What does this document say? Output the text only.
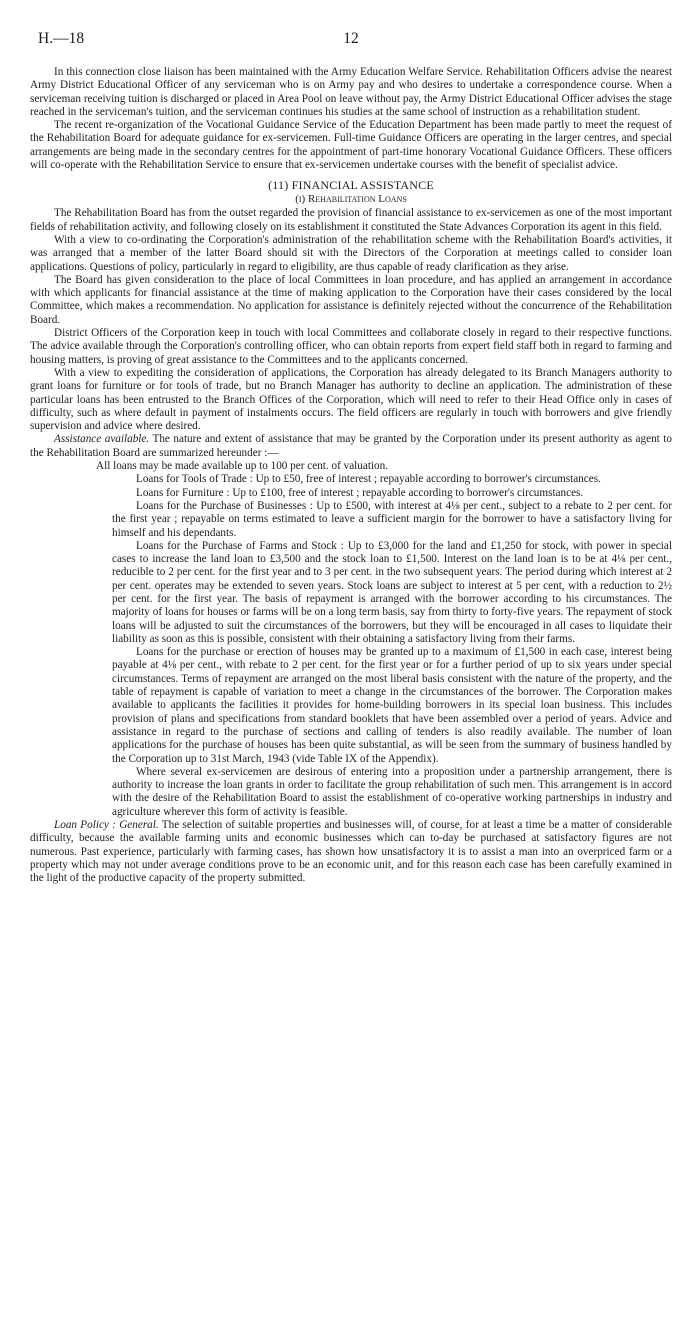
H.—18	12

In this connection close liaison has been maintained with the Army Education Welfare Service. Rehabilitation Officers advise the nearest Army District Educational Officer of any serviceman who is on Army pay and who desires to undertake a correspondence course. When a serviceman receiving tuition is discharged or placed in Area Pool on leave without pay, the Army District Educational Officer advises the stage reached in the serviceman's tuition, and the serviceman continues his studies at the same school of instruction as a rehabilitation student.

The recent re-organization of the Vocational Guidance Service of the Education Department has been made partly to meet the request of the Rehabilitation Board for adequate guidance for ex-servicemen. Full-time Guidance Officers are operating in the larger centres, and special arrangements are being made in the secondary centres for the appointment of part-time honorary Vocational Guidance Officers. These officers will co-operate with the Rehabilitation Service to ensure that ex-servicemen undertake courses with the benefit of specialist advice.

(11) FINANCIAL ASSISTANCE
(i) Rehabilitation Loans

The Rehabilitation Board has from the outset regarded the provision of financial assistance to ex-servicemen as one of the most important fields of rehabilitation activity, and following closely on its establishment it constituted the State Advances Corporation its agent in this field.

With a view to co-ordinating the Corporation's administration of the rehabilitation scheme with the Rehabilitation Board's activities, it was arranged that a member of the latter Board should sit with the Directors of the Corporation at meetings called to consider loan applications. Questions of policy, particularly in regard to eligibility, are thus capable of ready clarification as they arise.

The Board has given consideration to the place of local Committees in loan procedure, and has applied an arrangement in accordance with which applicants for financial assistance at the time of making application to the Corporation have their cases considered by the local Committee, which makes a recommendation. No application for assistance is definitely rejected without the concurrence of the Rehabilitation Board.

District Officers of the Corporation keep in touch with local Committees and collaborate closely in regard to their respective functions. The advice available through the Corporation's controlling officer, who can obtain reports from expert field staff both in regard to farming and housing matters, is proving of great assistance to the Committees and to the applicants concerned.

With a view to expediting the consideration of applications, the Corporation has already delegated to its Branch Managers authority to grant loans for furniture or for tools of trade, but no Branch Manager has authority to decline an application. The administration of these particular loans has been entrusted to the Branch Offices of the Corporation, which will need to refer to their Head Office only in cases of difficulty, such as where default in payment of instalments occurs. The field officers are regularly in touch with borrowers and give friendly supervision and advice where desired.

Assistance available. The nature and extent of assistance that may be granted by the Corporation under its present authority as agent to the Rehabilitation Board are summarized hereunder :—

All loans may be made available up to 100 per cent. of valuation.

Loans for Tools of Trade : Up to £50, free of interest ; repayable according to borrower's circumstances.

Loans for Furniture : Up to £100, free of interest ; repayable according to borrower's circumstances.

Loans for the Purchase of Businesses : Up to £500, with interest at 4⅛ per cent., subject to a rebate to 2 per cent. for the first year ; repayable on terms estimated to leave a sufficient margin for the borrower to have a satisfactory living for himself and his dependants.

Loans for the Purchase of Farms and Stock : Up to £3,000 for the land and £1,250 for stock, with power in special cases to increase the land loan to £3,500 and the stock loan to £1,500. Interest on the land loan is to be at 4⅛ per cent., reducible to 2 per cent. for the first year and to 3 per cent. in the two subsequent years. The period during which interest at 2 per cent. operates may be extended to seven years. Stock loans are subject to interest at 5 per cent, with a reduction to 2½ per cent. for the first year. The basis of repayment is arranged with the borrower according to his circumstances. The majority of loans for houses or farms will be on a long term basis, say from thirty to forty-five years. The repayment of stock loans will be adjusted to suit the circumstances of the borrowers, but they will be encouraged in all cases to liquidate their liability as soon as this is possible, consistent with their obtaining a satisfactory living from their farms.

Loans for the purchase or erection of houses may be granted up to a maximum of £1,500 in each case, interest being payable at 4⅛ per cent., with rebate to 2 per cent. for the first year or for a further period of up to six years under special circumstances. Terms of repayment are arranged on the most liberal basis consistent with the nature of the property, and the table of repayment is capable of variation to meet a change in the circumstances of the borrower. The Corporation makes available to applicants the facilities it provides for home-building borrowers in its special loan business. This includes provision of plans and specifications from standard booklets that have been assembled over a period of years. Advice and assistance in regard to the purchase of sections and calling of tenders is also readily available. The number of loan applications for the purchase of houses has been quite substantial, as will be seen from the summary of business handled by the Corporation up to 31st March, 1943 (vide Table IX of the Appendix).

Where several ex-servicemen are desirous of entering into a proposition under a partnership arrangement, there is authority to increase the loan grants in order to facilitate the group rehabilitation of such men. This arrangement is in accord with the desire of the Rehabilitation Board to assist the establishment of co-operative working partnerships in industry and agriculture wherever this form of activity is feasible.

Loan Policy : General. The selection of suitable properties and businesses will, of course, for at least a time be a matter of considerable difficulty, because the available farming units and economic businesses which can to-day be purchased at satisfactory figures are not numerous. Past experience, particularly with farming cases, has shown how unsatisfactory it is to assist a man into an overpriced farm or a property which may not under average conditions prove to be an economic unit, and for this reason each case has been carefully examined in the light of the productive capacity of the property submitted.
